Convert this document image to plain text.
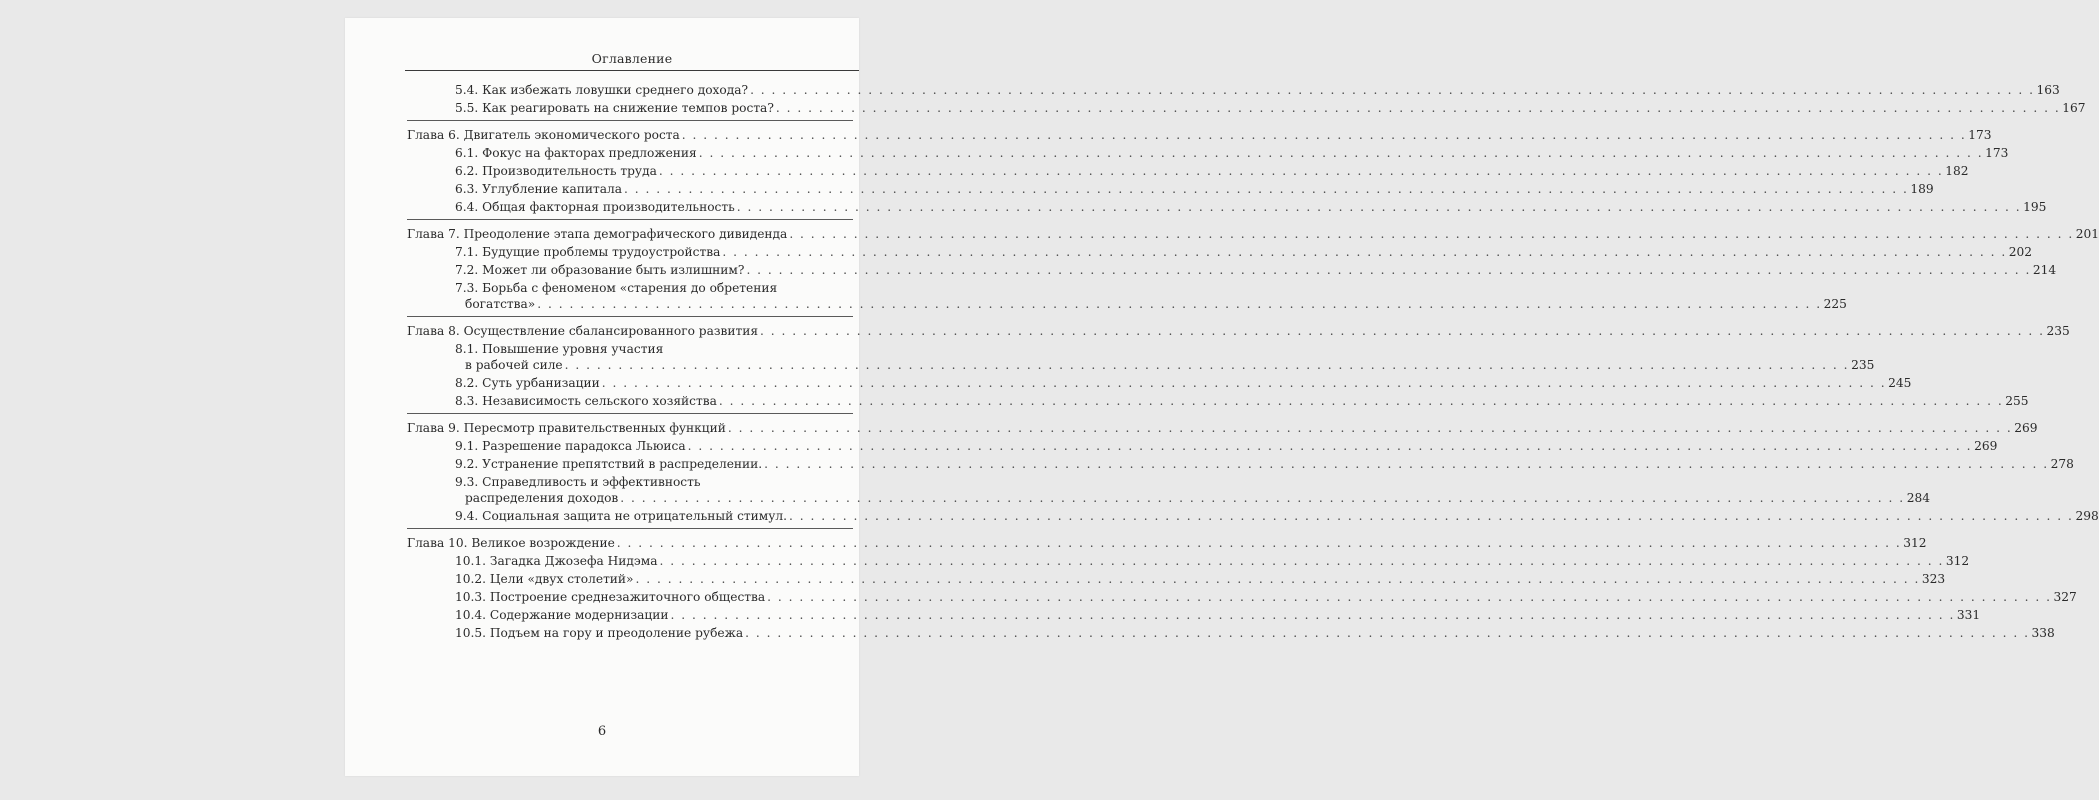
Оглавление
5.4. Как избежать ловушки среднего дохода? . . . . . . . . . . . . . . . . . . . . . . . . . . . . . . . . . . . . . . . . . . . . . . . . . . . . . . . . . . . . . . . . . . . . . . . . . . . . . . . . . . . . . . . . . . . . . . . . . . . . . . . . . . . . . . . . . . . . . . . . 163
5.5. Как реагировать на снижение темпов роста? . . . . . . . . . . . . . . . . . . . . . . . . . . . . . . . . . . . . . . . . . . . . . . . . . . . . . . . . . . . . . . . . . . . . . . . . . . . . . . . . . . . . . . . . . . . . . . . . . . . . . . . . . . . . . . . . . . . . . . . . 167
Глава 6. Двигатель экономического роста . . . . . . . . . . . . . . . . . . . . . . . . . . . . . . . . . . . . . . . . . . . . . . . . . . . . . . . . . . . . . . . . . . . . . . . . . . . . . . . . . . . . . . . . . . . . . . . . . . . . . . . . . . . . . . . . . . . . . . . . 173
6.1. Фокус на факторах предложения . . . . . . . . . . . . . . . . . . . . . . . . . . . . . . . . . . . . . . . . . . . . . . . . . . . . . . . . . . . . . . . . . . . . . . . . . . . . . . . . . . . . . . . . . . . . . . . . . . . . . . . . . . . . . . . . . . . . . . . . 173
6.2. Производительность труда . . . . . . . . . . . . . . . . . . . . . . . . . . . . . . . . . . . . . . . . . . . . . . . . . . . . . . . . . . . . . . . . . . . . . . . . . . . . . . . . . . . . . . . . . . . . . . . . . . . . . . . . . . . . . . . . . . . . . . . . 182
6.3. Углубление капитала . . . . . . . . . . . . . . . . . . . . . . . . . . . . . . . . . . . . . . . . . . . . . . . . . . . . . . . . . . . . . . . . . . . . . . . . . . . . . . . . . . . . . . . . . . . . . . . . . . . . . . . . . . . . . . . . . . . . . . . . 189
6.4. Общая факторная производительность . . . . . . . . . . . . . . . . . . . . . . . . . . . . . . . . . . . . . . . . . . . . . . . . . . . . . . . . . . . . . . . . . . . . . . . . . . . . . . . . . . . . . . . . . . . . . . . . . . . . . . . . . . . . . . . . . . . . . . . . 195
Глава 7. Преодоление этапа демографического дивиденда . . . . . . . . . . . . . . . . . . . . . . . . . . . . . . . . . . . . . . . . . . . . . . . . . . . . . . . . . . . . . . . . . . . . . . . . . . . . . . . . . . . . . . . . . . . . . . . . . . . . . . . . . . . . . . . . . . . . . . . . 201
7.1. Будущие проблемы трудоустройства . . . . . . . . . . . . . . . . . . . . . . . . . . . . . . . . . . . . . . . . . . . . . . . . . . . . . . . . . . . . . . . . . . . . . . . . . . . . . . . . . . . . . . . . . . . . . . . . . . . . . . . . . . . . . . . . . . . . . . . . 202
7.2. Может ли образование быть излишним? . . . . . . . . . . . . . . . . . . . . . . . . . . . . . . . . . . . . . . . . . . . . . . . . . . . . . . . . . . . . . . . . . . . . . . . . . . . . . . . . . . . . . . . . . . . . . . . . . . . . . . . . . . . . . . . . . . . . . . . . 214
7.3. Борьба с феноменом «старения до обретения
богатства» . . . . . . . . . . . . . . . . . . . . . . . . . . . . . . . . . . . . . . . . . . . . . . . . . . . . . . . . . . . . . . . . . . . . . . . . . . . . . . . . . . . . . . . . . . . . . . . . . . . . . . . . . . . . . . . . . . . . . . . . 225
Глава 8. Осуществление сбалансированного развития . . . . . . . . . . . . . . . . . . . . . . . . . . . . . . . . . . . . . . . . . . . . . . . . . . . . . . . . . . . . . . . . . . . . . . . . . . . . . . . . . . . . . . . . . . . . . . . . . . . . . . . . . . . . . . . . . . . . . . . . 235
8.1. Повышение уровня участия
в рабочей силе . . . . . . . . . . . . . . . . . . . . . . . . . . . . . . . . . . . . . . . . . . . . . . . . . . . . . . . . . . . . . . . . . . . . . . . . . . . . . . . . . . . . . . . . . . . . . . . . . . . . . . . . . . . . . . . . . . . . . . . . 235
8.2. Суть урбанизации . . . . . . . . . . . . . . . . . . . . . . . . . . . . . . . . . . . . . . . . . . . . . . . . . . . . . . . . . . . . . . . . . . . . . . . . . . . . . . . . . . . . . . . . . . . . . . . . . . . . . . . . . . . . . . . . . . . . . . . . 245
8.3. Независимость сельского хозяйства . . . . . . . . . . . . . . . . . . . . . . . . . . . . . . . . . . . . . . . . . . . . . . . . . . . . . . . . . . . . . . . . . . . . . . . . . . . . . . . . . . . . . . . . . . . . . . . . . . . . . . . . . . . . . . . . . . . . . . . . 255
Глава 9. Пересмотр правительственных функций . . . . . . . . . . . . . . . . . . . . . . . . . . . . . . . . . . . . . . . . . . . . . . . . . . . . . . . . . . . . . . . . . . . . . . . . . . . . . . . . . . . . . . . . . . . . . . . . . . . . . . . . . . . . . . . . . . . . . . . . 269
9.1. Разрешение парадокса Льюиса . . . . . . . . . . . . . . . . . . . . . . . . . . . . . . . . . . . . . . . . . . . . . . . . . . . . . . . . . . . . . . . . . . . . . . . . . . . . . . . . . . . . . . . . . . . . . . . . . . . . . . . . . . . . . . . . . . . . . . . . 269
9.2. Устранение препятствий в распределении. . . . . . . . . . . . . . . . . . . . . . . . . . . . . . . . . . . . . . . . . . . . . . . . . . . . . . . . . . . . . . . . . . . . . . . . . . . . . . . . . . . . . . . . . . . . . . . . . . . . . . . . . . . . . . . . . . . . . . . . . 278
9.3. Справедливость и эффективность
распределения доходов . . . . . . . . . . . . . . . . . . . . . . . . . . . . . . . . . . . . . . . . . . . . . . . . . . . . . . . . . . . . . . . . . . . . . . . . . . . . . . . . . . . . . . . . . . . . . . . . . . . . . . . . . . . . . . . . . . . . . . . . 284
9.4. Социальная защита не отрицательный стимул. . . . . . . . . . . . . . . . . . . . . . . . . . . . . . . . . . . . . . . . . . . . . . . . . . . . . . . . . . . . . . . . . . . . . . . . . . . . . . . . . . . . . . . . . . . . . . . . . . . . . . . . . . . . . . . . . . . . . . . . . 298
Глава 10. Великое возрождение . . . . . . . . . . . . . . . . . . . . . . . . . . . . . . . . . . . . . . . . . . . . . . . . . . . . . . . . . . . . . . . . . . . . . . . . . . . . . . . . . . . . . . . . . . . . . . . . . . . . . . . . . . . . . . . . . . . . . . . . 312
10.1. Загадка Джозефа Нидэма . . . . . . . . . . . . . . . . . . . . . . . . . . . . . . . . . . . . . . . . . . . . . . . . . . . . . . . . . . . . . . . . . . . . . . . . . . . . . . . . . . . . . . . . . . . . . . . . . . . . . . . . . . . . . . . . . . . . . . . . 312
10.2. Цели «двух столетий» . . . . . . . . . . . . . . . . . . . . . . . . . . . . . . . . . . . . . . . . . . . . . . . . . . . . . . . . . . . . . . . . . . . . . . . . . . . . . . . . . . . . . . . . . . . . . . . . . . . . . . . . . . . . . . . . . . . . . . . . 323
10.3. Построение среднезажиточного общества . . . . . . . . . . . . . . . . . . . . . . . . . . . . . . . . . . . . . . . . . . . . . . . . . . . . . . . . . . . . . . . . . . . . . . . . . . . . . . . . . . . . . . . . . . . . . . . . . . . . . . . . . . . . . . . . . . . . . . . . 327
10.4. Содержание модернизации . . . . . . . . . . . . . . . . . . . . . . . . . . . . . . . . . . . . . . . . . . . . . . . . . . . . . . . . . . . . . . . . . . . . . . . . . . . . . . . . . . . . . . . . . . . . . . . . . . . . . . . . . . . . . . . . . . . . . . . . 331
10.5. Подъем на гору и преодоление рубежа . . . . . . . . . . . . . . . . . . . . . . . . . . . . . . . . . . . . . . . . . . . . . . . . . . . . . . . . . . . . . . . . . . . . . . . . . . . . . . . . . . . . . . . . . . . . . . . . . . . . . . . . . . . . . . . . . . . . . . . . 338
6
